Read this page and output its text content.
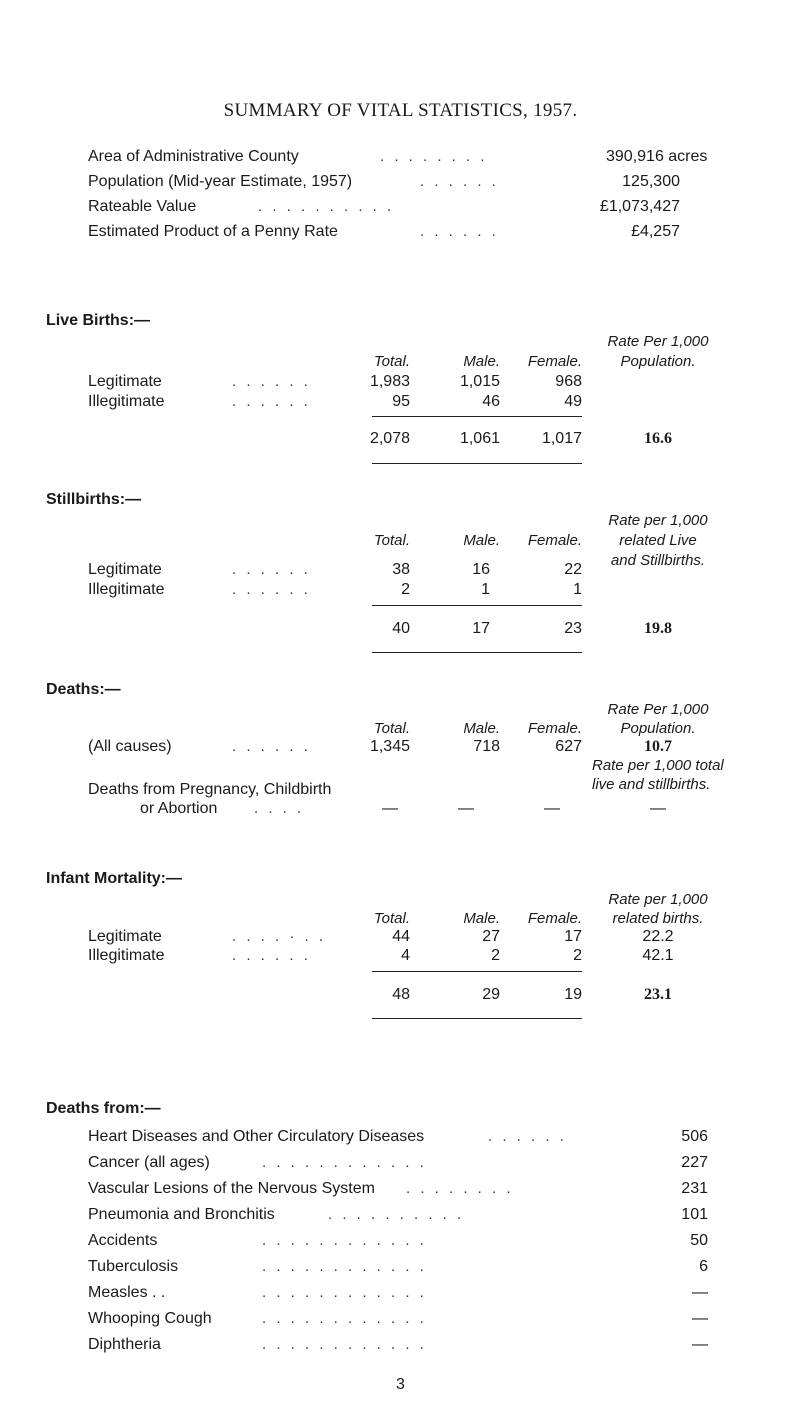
SUMMARY OF VITAL STATISTICS, 1957.
Area of Administrative County	. . . . . . . .	390,916 acres
Population (Mid-year Estimate, 1957)	. . . . . .	125,300
Rateable Value	. . . . . . . . . .	£1,073,427
Estimated Product of a Penny Rate	. . . . . .	£4,257
Live Births:—
Rate Per 1,000
Population.
Total.	Male.	Female.
Legitimate	. . . . . .	1,983	1,015	968
Illegitimate	. . . . . .	95	46	49
2,078	1,061	1,017	16.6
Stillbirths:—
Rate per 1,000
related Live
and Stillbirths.
Total.	Male.	Female.
Legitimate	. . . . . .	38	16	22
Illegitimate	. . . . . .	2	1	1
40	17	23	19.8
Deaths:—
Rate Per 1,000
Population.
Total.	Male.	Female.
(All causes)	. . . . . .	1,345	718	627	10.7
Rate per 1,000 total
live and stillbirths.
Deaths from Pregnancy, Childbirth
or Abortion . . . .	—	—	—	—
Infant Mortality:—
Rate per 1,000
related births.
Total.	Male.	Female.
Legitimate	. . . . · . .	44	27	17	22.2
Illegitimate	. . . . . .	4	2	2	42.1
48	29	19	23.1
Deaths from:—
Heart Diseases and Other Circulatory Diseases	. . . . . .	506
Cancer (all ages)	. . . . . . . . . . . .	227
Vascular Lesions of the Nervous System . . . . . . . .	231
Pneumonia and Bronchitis	. . . . . . . . . .	101
Accidents	. . . . . . . . . . . .	50
Tuberculosis	. . . . . . . . . . . .	6
Measles . .	. . . . . . . . . . . .	—
Whooping Cough	. . . . . . . . . . . .	—
Diphtheria	. . . . . . . . . . . .	—
3
